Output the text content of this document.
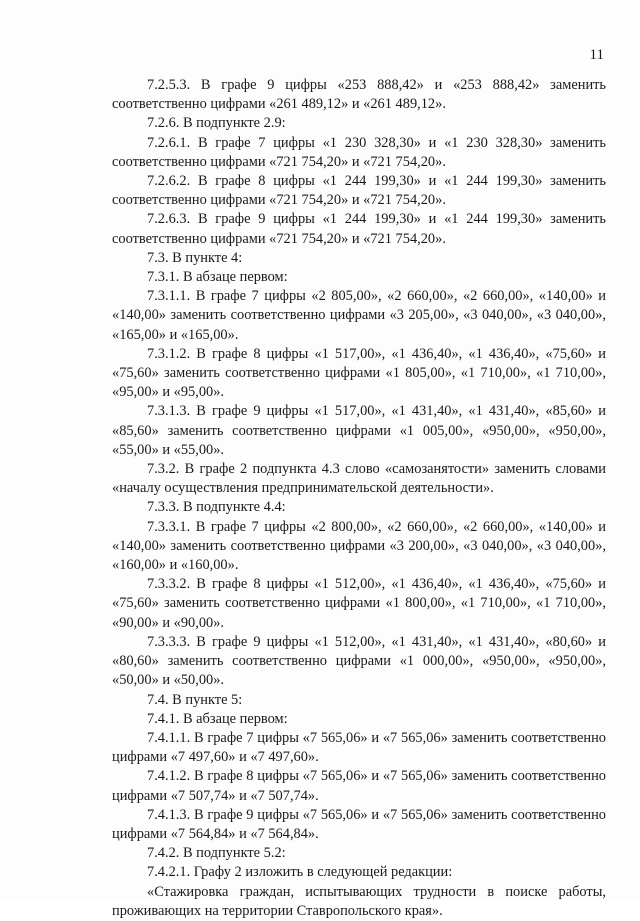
11

7.2.5.3. В графе 9 цифры «253 888,42» и «253 888,42» заменить соответственно цифрами «261 489,12» и «261 489,12».

7.2.6. В подпункте 2.9:

7.2.6.1. В графе 7 цифры «1 230 328,30» и «1 230 328,30» заменить соответственно цифрами «721 754,20» и «721 754,20».

7.2.6.2. В графе 8 цифры «1 244 199,30» и «1 244 199,30» заменить соответственно цифрами «721 754,20» и «721 754,20».

7.2.6.3. В графе 9 цифры «1 244 199,30» и «1 244 199,30» заменить соответственно цифрами «721 754,20» и «721 754,20».

7.3. В пункте 4:

7.3.1. В абзаце первом:

7.3.1.1. В графе 7 цифры «2 805,00», «2 660,00», «2 660,00», «140,00» и «140,00» заменить соответственно цифрами «3 205,00», «3 040,00», «3 040,00», «165,00» и «165,00».

7.3.1.2. В графе 8 цифры «1 517,00», «1 436,40», «1 436,40», «75,60» и «75,60» заменить соответственно цифрами «1 805,00», «1 710,00», «1 710,00», «95,00» и «95,00».

7.3.1.3. В графе 9 цифры «1 517,00», «1 431,40», «1 431,40», «85,60» и «85,60» заменить соответственно цифрами «1 005,00», «950,00», «950,00», «55,00» и «55,00».

7.3.2. В графе 2 подпункта 4.3 слово «самозанятости» заменить словами «началу осуществления предпринимательской деятельности».

7.3.3. В подпункте 4.4:

7.3.3.1. В графе 7 цифры «2 800,00», «2 660,00», «2 660,00», «140,00» и «140,00» заменить соответственно цифрами «3 200,00», «3 040,00», «3 040,00», «160,00» и «160,00».

7.3.3.2. В графе 8 цифры «1 512,00», «1 436,40», «1 436,40», «75,60» и «75,60» заменить соответственно цифрами «1 800,00», «1 710,00», «1 710,00», «90,00» и «90,00».

7.3.3.3. В графе 9 цифры «1 512,00», «1 431,40», «1 431,40», «80,60» и «80,60» заменить соответственно цифрами «1 000,00», «950,00», «950,00», «50,00» и «50,00».

7.4. В пункте 5:

7.4.1. В абзаце первом:

7.4.1.1. В графе 7 цифры «7 565,06» и «7 565,06» заменить соответственно цифрами «7 497,60» и «7 497,60».

7.4.1.2. В графе 8 цифры «7 565,06» и «7 565,06» заменить соответственно цифрами «7 507,74» и «7 507,74».

7.4.1.3. В графе 9 цифры «7 565,06» и «7 565,06» заменить соответственно цифрами «7 564,84» и «7 564,84».

7.4.2. В подпункте 5.2:

7.4.2.1. Графу 2 изложить в следующей редакции:

«Стажировка граждан, испытывающих трудности в поиске работы, проживающих на территории Ставропольского края».
